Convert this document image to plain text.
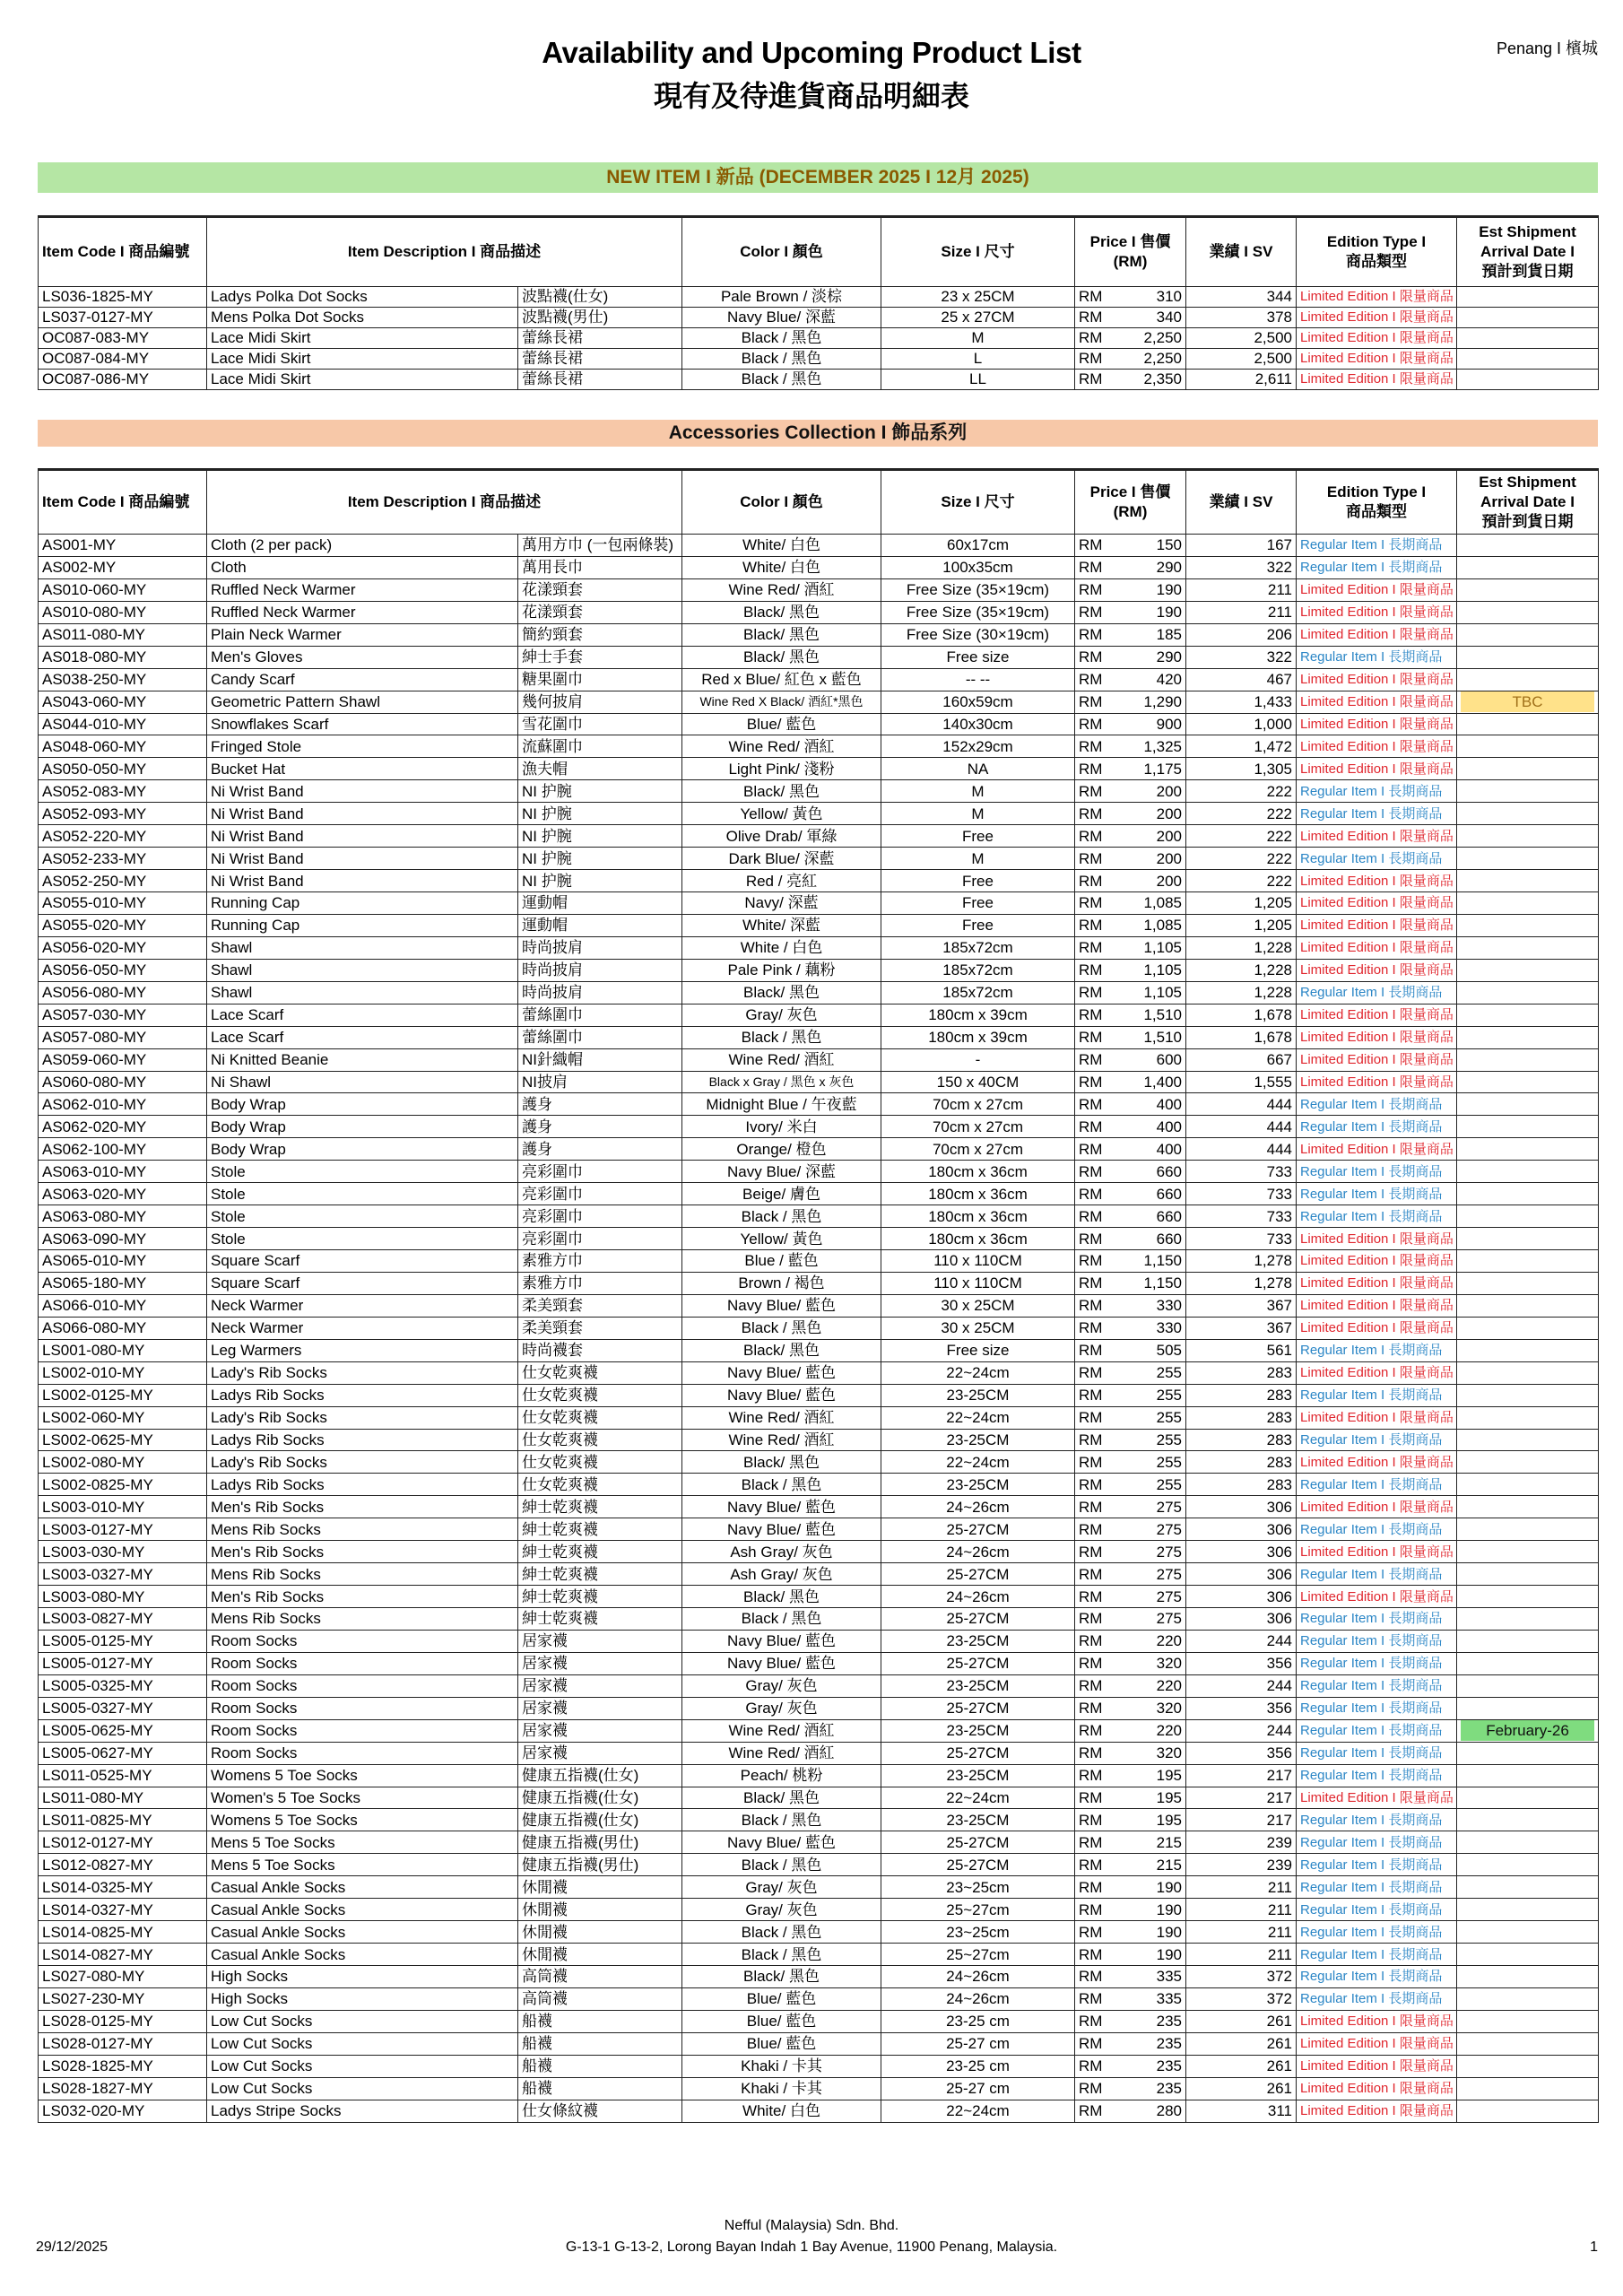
Availability and Upcoming Product List
現有及待進貨商品明細表
Penang I 檳城
NEW ITEM I 新品 (DECEMBER 2025 I 12月 2025)
Item Code I 商品編號	Item Description I 商品描述		Color I 顏色	Size I 尺寸	Price I 售價
(RM)	業績 I SV	Edition Type I
商品類型	Est Shipment
Arrival Date I
預計到貨日期
LS036-1825-MY	Ladys Polka Dot Socks	波點襪(仕女)	Pale Brown / 淡棕	23 x 25CM	RM 310	344	Limited Edition I 限量商品	
LS037-0127-MY	Mens Polka Dot Socks	波點襪(男仕)	Navy Blue/ 深藍	25 x 27CM	RM 340	378	Limited Edition I 限量商品	
OC087-083-MY	Lace Midi Skirt	蕾絲長裙	Black / 黑色	M	RM 2,250	2,500	Limited Edition I 限量商品	
OC087-084-MY	Lace Midi Skirt	蕾絲長裙	Black / 黑色	L	RM 2,250	2,500	Limited Edition I 限量商品	
OC087-086-MY	Lace Midi Skirt	蕾絲長裙	Black / 黑色	LL	RM 2,350	2,611	Limited Edition I 限量商品	
Accessories Collection I 飾品系列
Item Code I 商品編號	Item Description I 商品描述		Color I 顏色	Size I 尺寸	Price I 售價
(RM)	業績 I SV	Edition Type I
商品類型	Est Shipment
Arrival Date I
預計到貨日期
AS001-MY	Cloth (2 per pack)	萬用方巾 (一包兩條裝)	White/ 白色	60x17cm	RM 150	167	Regular Item I 長期商品	
AS002-MY	Cloth	萬用長巾	White/ 白色	100x35cm	RM 290	322	Regular Item I 長期商品	
AS010-060-MY	Ruffled Neck Warmer	花漾頸套	Wine Red/ 酒紅	Free Size (35×19cm)	RM 190	211	Limited Edition I 限量商品	
AS010-080-MY	Ruffled Neck Warmer	花漾頸套	Black/ 黑色	Free Size (35×19cm)	RM 190	211	Limited Edition I 限量商品	
AS011-080-MY	Plain Neck Warmer	簡約頸套	Black/ 黑色	Free Size (30×19cm)	RM 185	206	Limited Edition I 限量商品	
AS018-080-MY	Men's Gloves	紳士手套	Black/ 黑色	Free size	RM 290	322	Regular Item I 長期商品	
AS038-250-MY	Candy Scarf	糖果圍巾	Red x Blue/ 紅色 x 藍色	-- --	RM 420	467	Limited Edition I 限量商品	
AS043-060-MY	Geometric Pattern Shawl	幾何披肩	Wine Red X Black/ 酒紅*黑色	160x59cm	RM 1,290	1,433	Limited Edition I 限量商品	TBC

AS044-010-MY	Snowflakes Scarf	雪花圍巾	Blue/ 藍色	140x30cm	RM 900	1,000	Limited Edition I 限量商品	
AS048-060-MY	Fringed Stole	流蘇圍巾	Wine Red/ 酒紅	152x29cm	RM 1,325	1,472	Limited Edition I 限量商品	
AS050-050-MY	Bucket Hat	漁夫帽	Light Pink/ 淺粉	NA	RM 1,175	1,305	Limited Edition I 限量商品	
AS052-083-MY	Ni Wrist Band	NI 护腕	Black/ 黑色	M	RM 200	222	Regular Item I 長期商品	
AS052-093-MY	Ni Wrist Band	NI 护腕	Yellow/ 黃色	M	RM 200	222	Regular Item I 長期商品	
AS052-220-MY	Ni Wrist Band	NI 护腕	Olive Drab/ 軍綠	Free	RM 200	222	Limited Edition I 限量商品	
AS052-233-MY	Ni Wrist Band	NI 护腕	Dark Blue/ 深藍	M	RM 200	222	Regular Item I 長期商品	
AS052-250-MY	Ni Wrist Band	NI 护腕	Red / 亮紅	Free	RM 200	222	Limited Edition I 限量商品	
AS055-010-MY	Running Cap	運動帽	Navy/ 深藍	Free	RM 1,085	1,205	Limited Edition I 限量商品	
AS055-020-MY	Running Cap	運動帽	White/ 深藍	Free	RM 1,085	1,205	Limited Edition I 限量商品	
AS056-020-MY	Shawl	時尚披肩	White / 白色	185x72cm	RM 1,105	1,228	Limited Edition I 限量商品	
AS056-050-MY	Shawl	時尚披肩	Pale Pink / 藕粉	185x72cm	RM 1,105	1,228	Limited Edition I 限量商品	
AS056-080-MY	Shawl	時尚披肩	Black/ 黑色	185x72cm	RM 1,105	1,228	Regular Item I 長期商品	
AS057-030-MY	Lace Scarf	蕾絲圍巾	Gray/ 灰色	180cm x 39cm	RM 1,510	1,678	Limited Edition I 限量商品	
AS057-080-MY	Lace Scarf	蕾絲圍巾	Black / 黑色	180cm x 39cm	RM 1,510	1,678	Limited Edition I 限量商品	
AS059-060-MY	Ni Knitted Beanie	NI針織帽	Wine Red/ 酒紅	-	RM 600	667	Limited Edition I 限量商品	
AS060-080-MY	Ni Shawl	NI披肩	Black x Gray / 黑色 x 灰色	150 x 40CM	RM 1,400	1,555	Limited Edition I 限量商品	
AS062-010-MY	Body Wrap	護身	Midnight Blue / 午夜藍	70cm x 27cm	RM 400	444	Regular Item I 長期商品	
AS062-020-MY	Body Wrap	護身	Ivory/ 米白	70cm x 27cm	RM 400	444	Regular Item I 長期商品	
AS062-100-MY	Body Wrap	護身	Orange/ 橙色	70cm x 27cm	RM 400	444	Limited Edition I 限量商品	
AS063-010-MY	Stole	亮彩圍巾	Navy Blue/ 深藍	180cm x 36cm	RM 660	733	Regular Item I 長期商品	
AS063-020-MY	Stole	亮彩圍巾	Beige/ 膚色	180cm x 36cm	RM 660	733	Regular Item I 長期商品	
AS063-080-MY	Stole	亮彩圍巾	Black / 黑色	180cm x 36cm	RM 660	733	Regular Item I 長期商品	
AS063-090-MY	Stole	亮彩圍巾	Yellow/ 黃色	180cm x 36cm	RM 660	733	Limited Edition I 限量商品	
AS065-010-MY	Square Scarf	素雅方巾	Blue / 藍色	110 x 110CM	RM 1,150	1,278	Limited Edition I 限量商品	
AS065-180-MY	Square Scarf	素雅方巾	Brown / 褐色	110 x 110CM	RM 1,150	1,278	Limited Edition I 限量商品	
AS066-010-MY	Neck Warmer	柔美頸套	Navy Blue/ 藍色	30 x 25CM	RM 330	367	Limited Edition I 限量商品	
AS066-080-MY	Neck Warmer	柔美頸套	Black / 黑色	30 x 25CM	RM 330	367	Limited Edition I 限量商品	
LS001-080-MY	Leg Warmers	時尚襪套	Black/ 黑色	Free size	RM 505	561	Regular Item I 長期商品	
LS002-010-MY	Lady's Rib Socks	仕女乾爽襪	Navy Blue/ 藍色	22~24cm	RM 255	283	Limited Edition I 限量商品	
LS002-0125-MY	Ladys Rib Socks	仕女乾爽襪	Navy Blue/ 藍色	23-25CM	RM 255	283	Regular Item I 長期商品	
LS002-060-MY	Lady's Rib Socks	仕女乾爽襪	Wine Red/ 酒紅	22~24cm	RM 255	283	Limited Edition I 限量商品	
LS002-0625-MY	Ladys Rib Socks	仕女乾爽襪	Wine Red/ 酒紅	23-25CM	RM 255	283	Regular Item I 長期商品	
LS002-080-MY	Lady's Rib Socks	仕女乾爽襪	Black/ 黑色	22~24cm	RM 255	283	Limited Edition I 限量商品	
LS002-0825-MY	Ladys Rib Socks	仕女乾爽襪	Black / 黑色	23-25CM	RM 255	283	Regular Item I 長期商品	
LS003-010-MY	Men's Rib Socks	紳士乾爽襪	Navy Blue/ 藍色	24~26cm	RM 275	306	Limited Edition I 限量商品	
LS003-0127-MY	Mens Rib Socks	紳士乾爽襪	Navy Blue/ 藍色	25-27CM	RM 275	306	Regular Item I 長期商品	
LS003-030-MY	Men's Rib Socks	紳士乾爽襪	Ash Gray/ 灰色	24~26cm	RM 275	306	Limited Edition I 限量商品	
LS003-0327-MY	Mens Rib Socks	紳士乾爽襪	Ash Gray/ 灰色	25-27CM	RM 275	306	Regular Item I 長期商品	
LS003-080-MY	Men's Rib Socks	紳士乾爽襪	Black/ 黑色	24~26cm	RM 275	306	Limited Edition I 限量商品	
LS003-0827-MY	Mens Rib Socks	紳士乾爽襪	Black / 黑色	25-27CM	RM 275	306	Regular Item I 長期商品	
LS005-0125-MY	Room Socks	居家襪	Navy Blue/ 藍色	23-25CM	RM 220	244	Regular Item I 長期商品	
LS005-0127-MY	Room Socks	居家襪	Navy Blue/ 藍色	25-27CM	RM 320	356	Regular Item I 長期商品	
LS005-0325-MY	Room Socks	居家襪	Gray/ 灰色	23-25CM	RM 220	244	Regular Item I 長期商品	
LS005-0327-MY	Room Socks	居家襪	Gray/ 灰色	25-27CM	RM 320	356	Regular Item I 長期商品	
LS005-0625-MY	Room Socks	居家襪	Wine Red/ 酒紅	23-25CM	RM 220	244	Regular Item I 長期商品	February-26

LS005-0627-MY	Room Socks	居家襪	Wine Red/ 酒紅	25-27CM	RM 320	356	Regular Item I 長期商品	
LS011-0525-MY	Womens 5 Toe Socks	健康五指襪(仕女)	Peach/ 桃粉	23-25CM	RM 195	217	Regular Item I 長期商品	
LS011-080-MY	Women's 5 Toe Socks	健康五指襪(仕女)	Black/ 黑色	22~24cm	RM 195	217	Limited Edition I 限量商品	
LS011-0825-MY	Womens 5 Toe Socks	健康五指襪(仕女)	Black / 黑色	23-25CM	RM 195	217	Regular Item I 長期商品	
LS012-0127-MY	Mens 5 Toe Socks	健康五指襪(男仕)	Navy Blue/ 藍色	25-27CM	RM 215	239	Regular Item I 長期商品	
LS012-0827-MY	Mens 5 Toe Socks	健康五指襪(男仕)	Black / 黑色	25-27CM	RM 215	239	Regular Item I 長期商品	
LS014-0325-MY	Casual Ankle Socks	休閒襪	Gray/ 灰色	23~25cm	RM 190	211	Regular Item I 長期商品	
LS014-0327-MY	Casual Ankle Socks	休閒襪	Gray/ 灰色	25~27cm	RM 190	211	Regular Item I 長期商品	
LS014-0825-MY	Casual Ankle Socks	休閒襪	Black / 黑色	23~25cm	RM 190	211	Regular Item I 長期商品	
LS014-0827-MY	Casual Ankle Socks	休閒襪	Black / 黑色	25~27cm	RM 190	211	Regular Item I 長期商品	
LS027-080-MY	High Socks	高筒襪	Black/ 黑色	24~26cm	RM 335	372	Regular Item I 長期商品	
LS027-230-MY	High Socks	高筒襪	Blue/ 藍色	24~26cm	RM 335	372	Regular Item I 長期商品	
LS028-0125-MY	Low Cut Socks	船襪	Blue/ 藍色	23-25 cm	RM 235	261	Limited Edition I 限量商品	
LS028-0127-MY	Low Cut Socks	船襪	Blue/ 藍色	25-27 cm	RM 235	261	Limited Edition I 限量商品	
LS028-1825-MY	Low Cut Socks	船襪	Khaki / 卡其	23-25 cm	RM 235	261	Limited Edition I 限量商品	
LS028-1827-MY	Low Cut Socks	船襪	Khaki / 卡其	25-27 cm	RM 235	261	Limited Edition I 限量商品	
LS032-020-MY	Ladys Stripe Socks	仕女條紋襪	White/ 白色	22~24cm	RM 280	311	Limited Edition I 限量商品	
29/12/2025
Nefful (Malaysia) Sdn. Bhd.
G-13-1 G-13-2, Lorong Bayan Indah 1 Bay Avenue, 11900 Penang, Malaysia.	1
